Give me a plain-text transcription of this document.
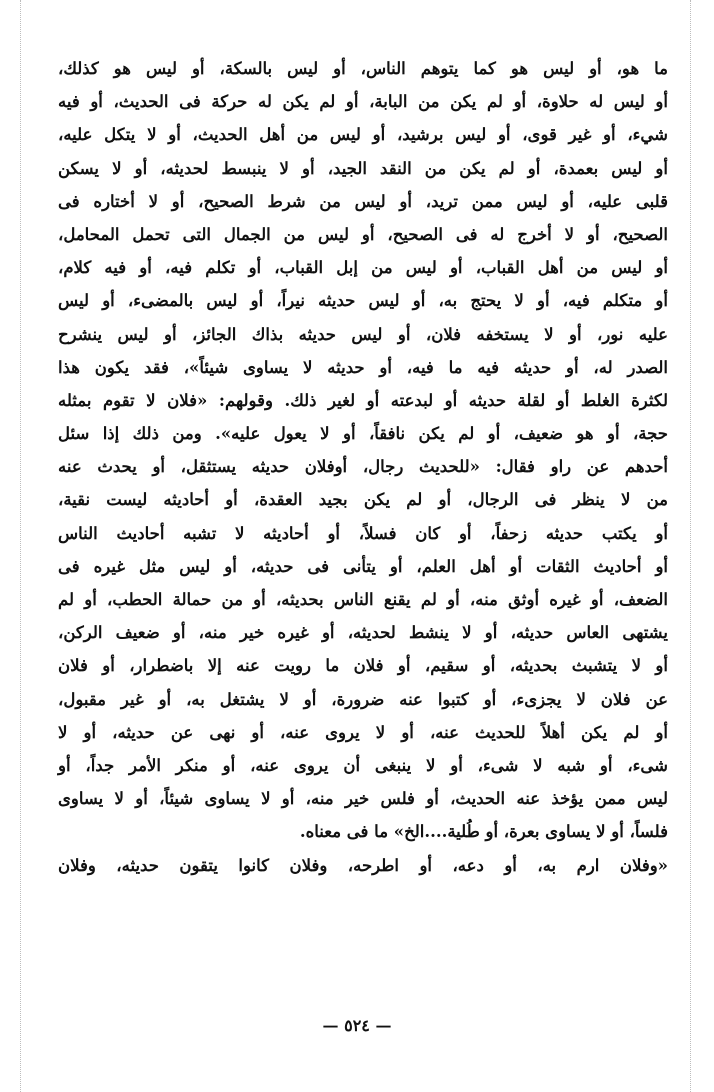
ما هو، أو ليس هو كما يتوهم الناس، أو ليس بالسكة، أو ليس هو كذلك،
أو ليس له حلاوة، أو لم يكن من البابة، أو لم يكن له حركة فى الحديث، أو فيه
شيء، أو غير قوى، أو ليس برشيد، أو ليس من أهل الحديث، أو لا يتكل عليه،
أو ليس بعمدة، أو لم يكن من النقد الجيد، أو لا ينبسط لحديثه، أو لا يسكن
قلبى عليه، أو ليس ممن تريد، أو ليس من شرط الصحيح، أو لا أختاره فى
الصحيح، أو لا أخرج له فى الصحيح، أو ليس من الجمال التى تحمل المحامل،
أو ليس من أهل القباب، أو ليس من إبل القباب، أو تكلم فيه، أو فيه كلام،
أو متكلم فيه، أو لا يحتج به، أو ليس حديثه نيراً، أو ليس بالمضىء، أو ليس
عليه نور، أو لا يستخفه فلان، أو ليس حديثه بذاك الجائز، أو ليس ينشرح
الصدر له، أو حديثه فيه ما فيه، أو حديثه لا يساوى شيئاً»، فقد يكون هذا
لكثرة الغلط أو لقلة حديثه أو لبدعته أو لغير ذلك. وقولهم: «فلان لا تقوم بمثله
حجة، أو هو ضعيف، أو لم يكن نافقاً، أو لا يعول عليه». ومن ذلك إذا سئل
أحدهم عن راو فقال: «للحديث رجال، أوفلان حديثه يستثقل، أو يحدث عنه
من لا ينظر فى الرجال، أو لم يكن بجيد العقدة، أو أحاديثه ليست نقية،
أو يكتب حديثه زحفاً، أو كان فسلاً، أو أحاديثه لا تشبه أحاديث الناس
أو أحاديث الثقات أو أهل العلم، أو يتأنى فى حديثه، أو ليس مثل غيره فى
الضعف، أو غيره أوثق منه، أو لم يقنع الناس بحديثه، أو من حمالة الحطب، أو لم
يشتهى العاس حديثه، أو لا ينشط لحديثه، أو غيره خير منه، أو ضعيف الركن،
أو لا يتشبث بحديثه، أو سقيم، أو فلان ما رويت عنه إلا باضطرار، أو فلان
عن فلان لا يجزىء، أو كتبوا عنه ضرورة، أو لا يشتغل به، أو غير مقبول،
أو لم يكن أهلاً للحديث عنه، أو لا يروى عنه، أو نهى عن حديثه، أو لا
شىء، أو شبه لا شىء، أو لا ينبغى أن يروى عنه، أو منكر الأمر جداً، أو
ليس ممن يؤخذ عنه الحديث، أو فلس خير منه، أو لا يساوى شيئاً، أو لا يساوى
فلساً، أو لا يساوى بعرة، أو طُلية....الخ» ما فى معناه.
«وفلان ارم به، أو دعه، أو اطرحه، وفلان كانوا يتقون حديثه، وفلان
— ٥٢٤ —
